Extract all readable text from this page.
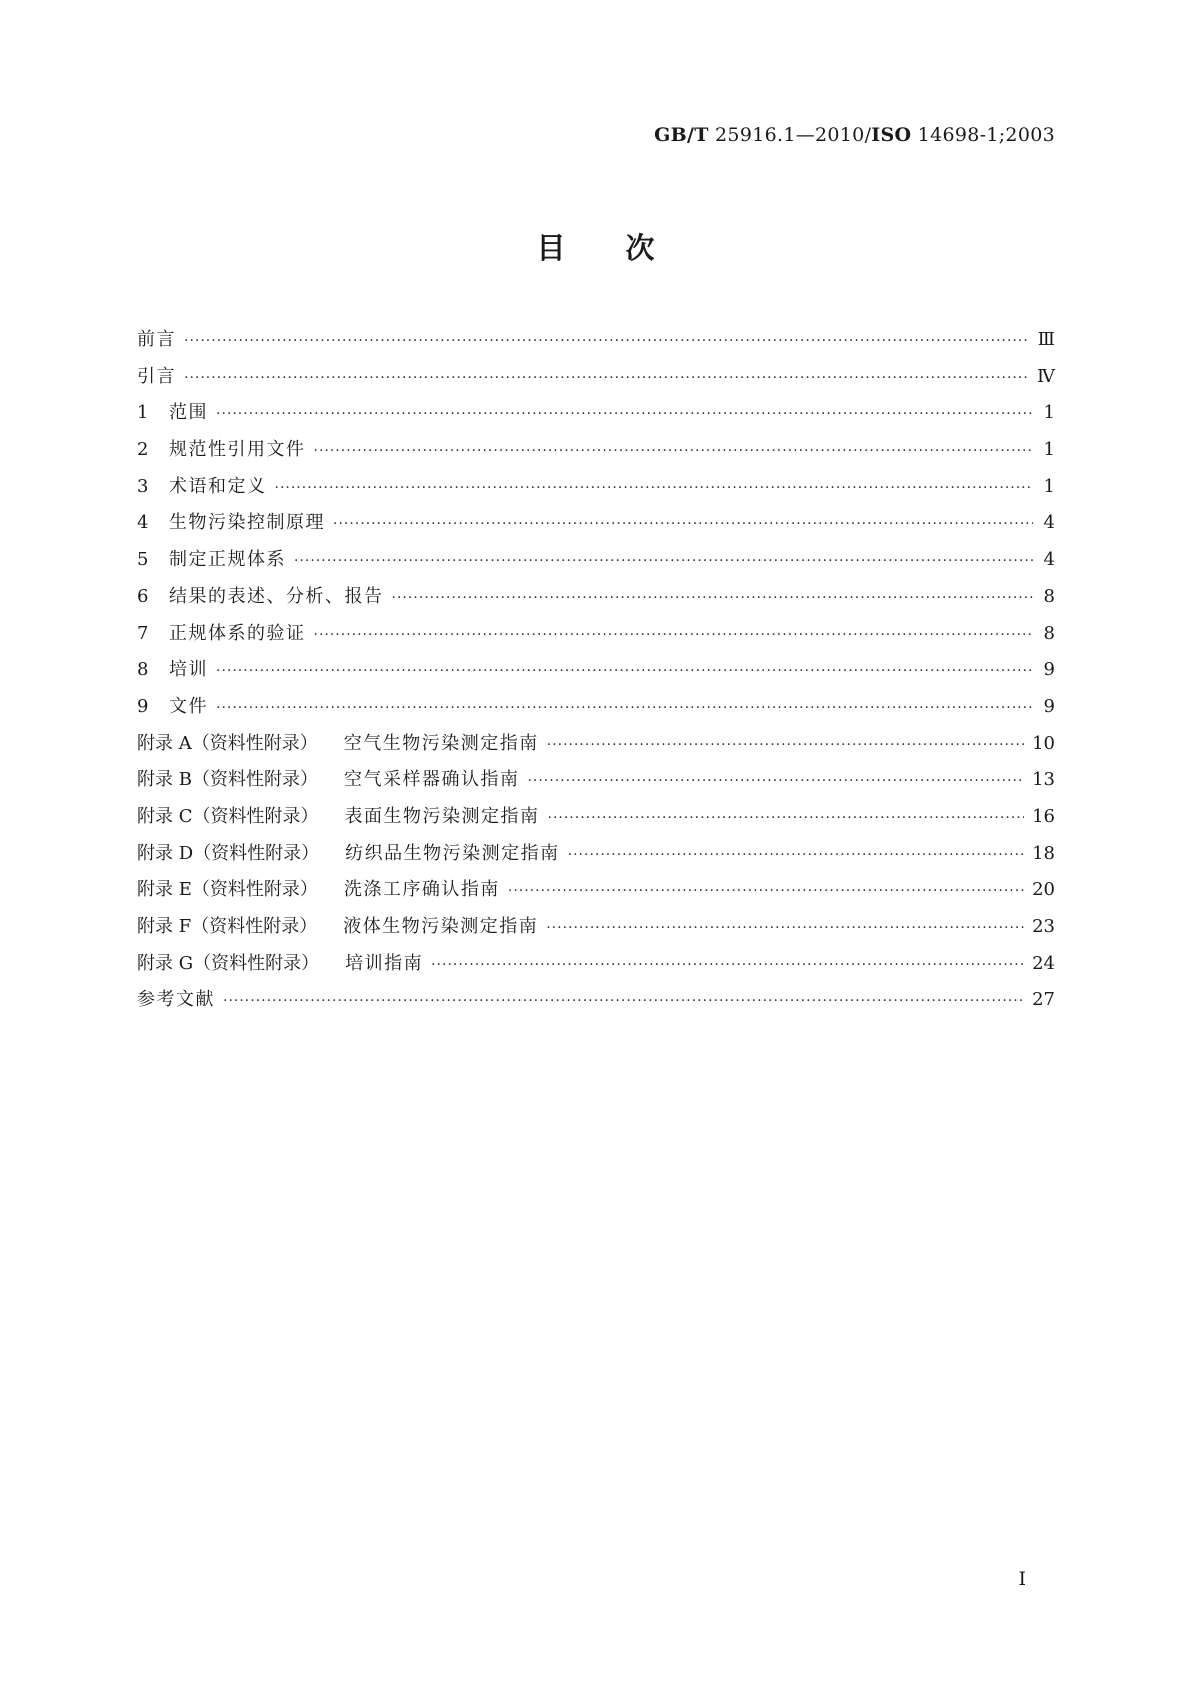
GB/T 25916.1—2010/ISO 14698-1;2003
目次
前言 ·····	Ⅲ
引言 ·····	Ⅳ
1	范围 ·····	1
2	规范性引用文件 ·····	1
3	术语和定义 ·····	1
4	生物污染控制原理 ·····	4
5	制定正规体系 ·····	4
6	结果的表述、分析、报告 ·····	8
7	正规体系的验证 ·····	8
8	培训 ·····	9
9	文件 ·····	9
附录 A（资料性附录） 空气生物污染测定指南 ·····	10
附录 B（资料性附录） 空气采样器确认指南 ·····	13
附录 C（资料性附录） 表面生物污染测定指南 ·····	16
附录 D（资料性附录） 纺织品生物污染测定指南 ·····	18
附录 E（资料性附录） 洗涤工序确认指南 ·····	20
附录 F（资料性附录） 液体生物污染测定指南 ·····	23
附录 G（资料性附录） 培训指南 ·····	24
参考文献 ·····	27
I
